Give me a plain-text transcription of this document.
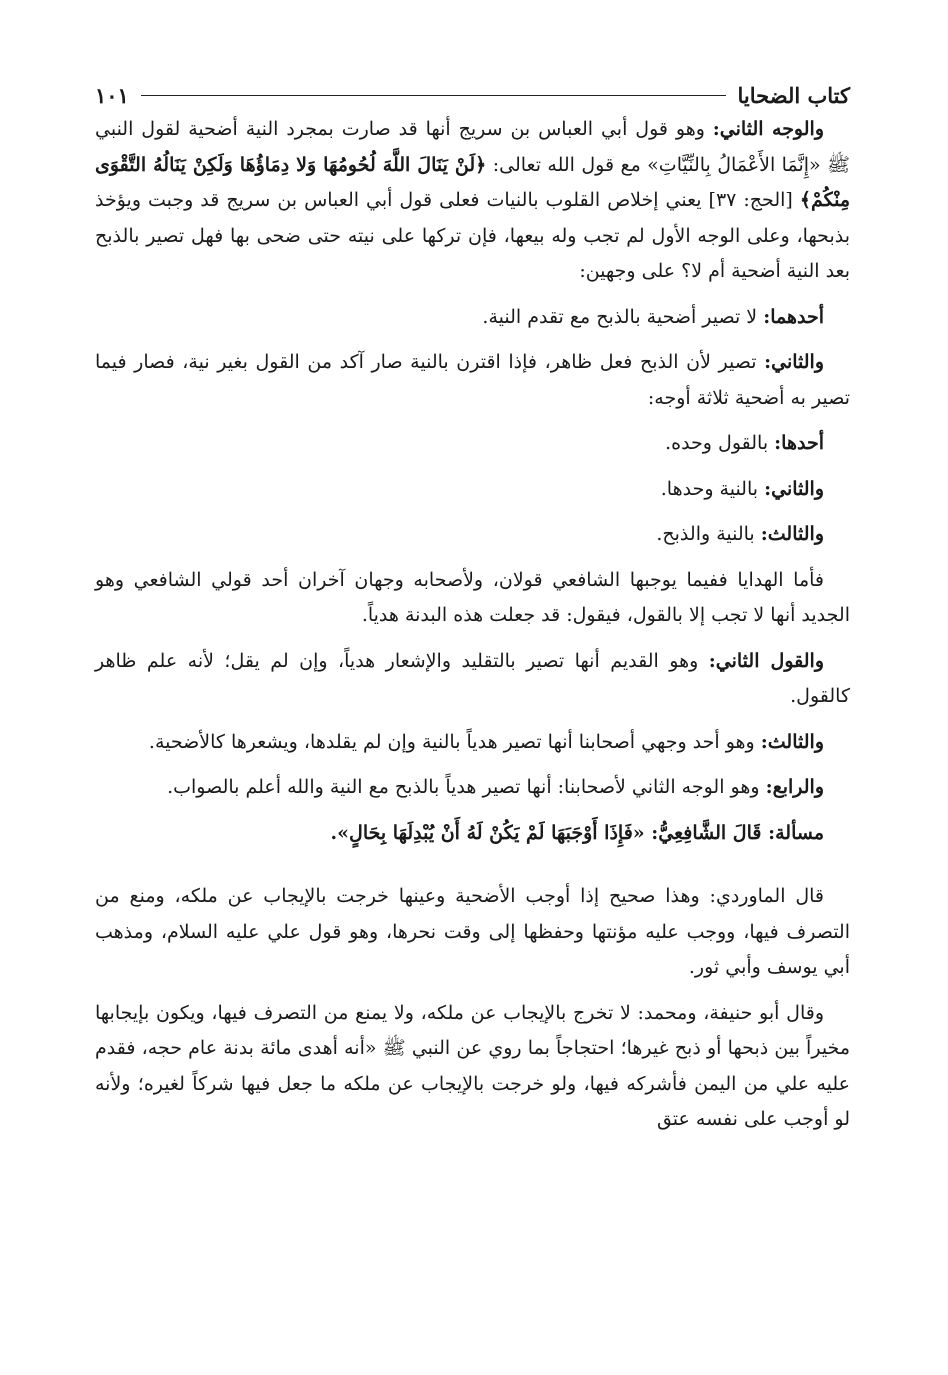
كتاب الضحايا
١٠١

والوجه الثاني: وهو قول أبي العباس بن سريج أنها قد صارت بمجرد النية أضحية لقول النبي ﷺ «إِنَّمَا الأَعْمَالُ بِالنِّيَّاتِ» مع قول الله تعالى: ﴿لَنْ يَنَالَ اللَّهَ لُحُومُهَا وَلا دِمَاؤُهَا وَلَكِنْ يَنَالُهُ التَّقْوَى مِنْكُمْ﴾ [الحج: ٣٧] يعني إخلاص القلوب بالنيات فعلى قول أبي العباس بن سريج قد وجبت ويؤخذ بذبحها، وعلى الوجه الأول لم تجب وله بيعها، فإن تركها على نيته حتى ضحى بها فهل تصير بالذبح بعد النية أضحية أم لا؟ على وجهين:

أحدهما: لا تصير أضحية بالذبح مع تقدم النية.

والثاني: تصير لأن الذبح فعل ظاهر، فإذا اقترن بالنية صار آكد من القول بغير نية، فصار فيما تصير به أضحية ثلاثة أوجه:

أحدها: بالقول وحده.

والثاني: بالنية وحدها.

والثالث: بالنية والذبح.

فأما الهدايا ففيما يوجبها الشافعي قولان، ولأصحابه وجهان آخران أحد قولي الشافعي وهو الجديد أنها لا تجب إلا بالقول، فيقول: قد جعلت هذه البدنة هدياً.

والقول الثاني: وهو القديم أنها تصير بالتقليد والإشعار هدياً، وإن لم يقل؛ لأنه علم ظاهر كالقول.

والثالث: وهو أحد وجهي أصحابنا أنها تصير هدياً بالنية وإن لم يقلدها، ويشعرها كالأضحية.

والرابع: وهو الوجه الثاني لأصحابنا: أنها تصير هدياً بالذبح مع النية والله أعلم بالصواب.

مسألة: قَالَ الشَّافِعِيُّ: «فَإِذَا أَوْجَبَهَا لَمْ يَكُنْ لَهُ أَنْ يُبْدِلَهَا بِحَالٍ».

قال الماوردي: وهذا صحيح إذا أوجب الأضحية وعينها خرجت بالإيجاب عن ملكه، ومنع من التصرف فيها، ووجب عليه مؤنتها وحفظها إلى وقت نحرها، وهو قول علي عليه السلام، ومذهب أبي يوسف وأبي ثور.

وقال أبو حنيفة، ومحمد: لا تخرج بالإيجاب عن ملكه، ولا يمنع من التصرف فيها، ويكون بإيجابها مخيراً بين ذبحها أو ذبح غيرها؛ احتجاجاً بما روي عن النبي ﷺ «أنه أهدى مائة بدنة عام حجه، فقدم عليه علي من اليمن فأشركه فيها، ولو خرجت بالإيجاب عن ملكه ما جعل فيها شركاً لغيره؛ ولأنه لو أوجب على نفسه عتق
